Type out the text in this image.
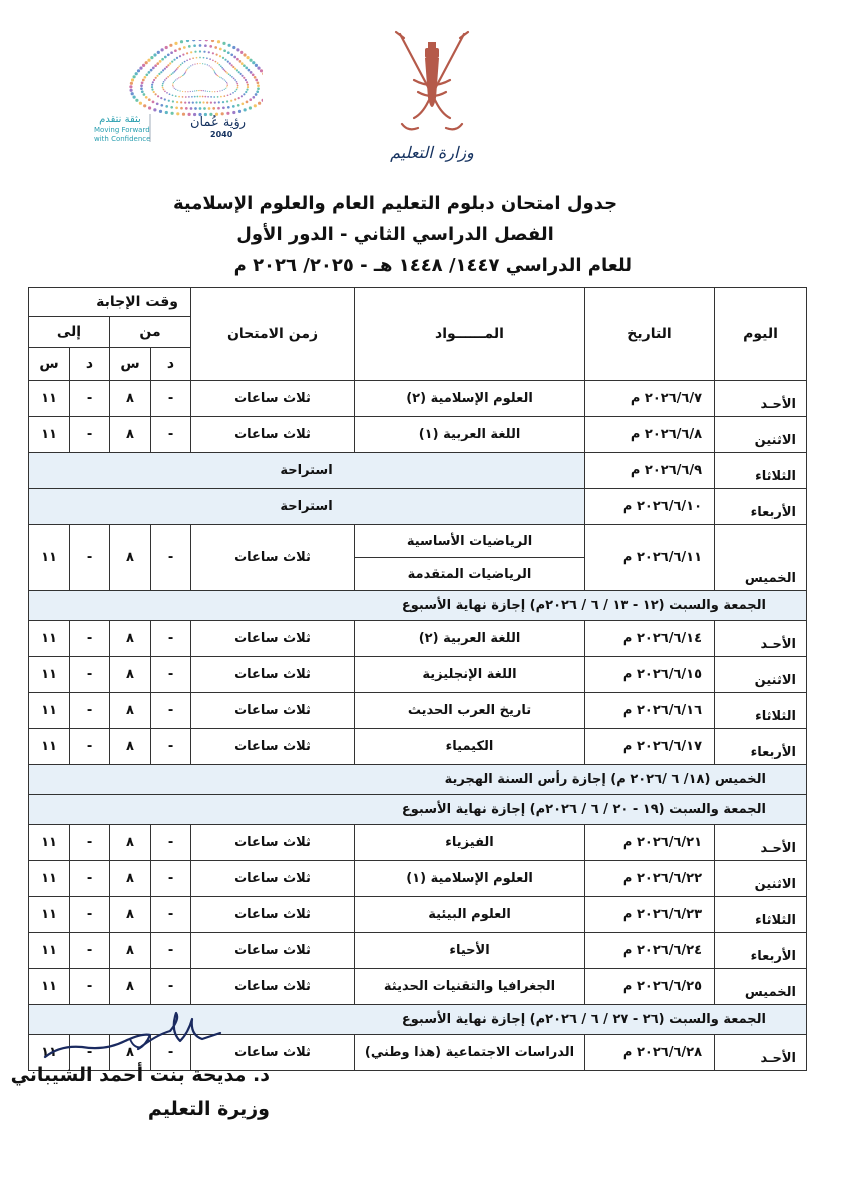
رؤية عُمان
2040
بثقة نتقدم
Moving Forward
with Confidence
وزارة التعليم
جدول امتحان دبلوم التعليم العام والعلوم الإسلامية
الفصل الدراسي الثاني - الدور الأول
للعام الدراسي ١٤٤٧/ ١٤٤٨ هـ - ٢٠٢٥/ ٢٠٢٦ م
اليوم	التاريخ	المــــــواد	زمن الامتحان	وقت الإجابة			
				من		إلى	
				د	س	د	س
الأحـد	٢٠٢٦/٦/٧ م	العلوم الإسلامية (٢)	ثلاث ساعات	-	٨	-	١١
الاثنين	٢٠٢٦/٦/٨ م	اللغة العربية (١)	ثلاث ساعات	-	٨	-	١١
الثلاثاء	٢٠٢٦/٦/٩ م	استراحة					
الأربعاء	٢٠٢٦/٦/١٠ م	استراحة					
الخميس	٢٠٢٦/٦/١١ م	الرياضيات الأساسية	ثلاث ساعات	-	٨	-	١١
		الرياضيات المتقدمة					
الجمعة والسبت (١٢ - ١٣ / ٦ / ٢٠٢٦م) إجازة نهاية الأسبوع							
الأحـد	٢٠٢٦/٦/١٤ م	اللغة العربية (٢)	ثلاث ساعات	-	٨	-	١١
الاثنين	٢٠٢٦/٦/١٥ م	اللغة الإنجليزية	ثلاث ساعات	-	٨	-	١١
الثلاثاء	٢٠٢٦/٦/١٦ م	تاريخ العرب الحديث	ثلاث ساعات	-	٨	-	١١
الأربعاء	٢٠٢٦/٦/١٧ م	الكيمياء	ثلاث ساعات	-	٨	-	١١
الخميس (١٨/ ٦ /٢٠٢٦ م) إجازة رأس السنة الهجرية							
الجمعة والسبت (١٩ - ٢٠ / ٦ / ٢٠٢٦م) إجازة نهاية الأسبوع							
الأحـد	٢٠٢٦/٦/٢١ م	الفيزياء	ثلاث ساعات	-	٨	-	١١
الاثنين	٢٠٢٦/٦/٢٢ م	العلوم الإسلامية (١)	ثلاث ساعات	-	٨	-	١١
الثلاثاء	٢٠٢٦/٦/٢٣ م	العلوم البيئية	ثلاث ساعات	-	٨	-	١١
الأربعاء	٢٠٢٦/٦/٢٤ م	الأحياء	ثلاث ساعات	-	٨	-	١١
الخميس	٢٠٢٦/٦/٢٥ م	الجغرافيا والتقنيات الحديثة	ثلاث ساعات	-	٨	-	١١
الجمعة والسبت (٢٦ - ٢٧ / ٦ / ٢٠٢٦م) إجازة نهاية الأسبوع							
الأحـد	٢٠٢٦/٦/٢٨ م	الدراسات الاجتماعية (هذا وطني)	ثلاث ساعات	-	٨	-	١١
د. مديحة بنت أحمد الشيباني
وزيرة التعليم
